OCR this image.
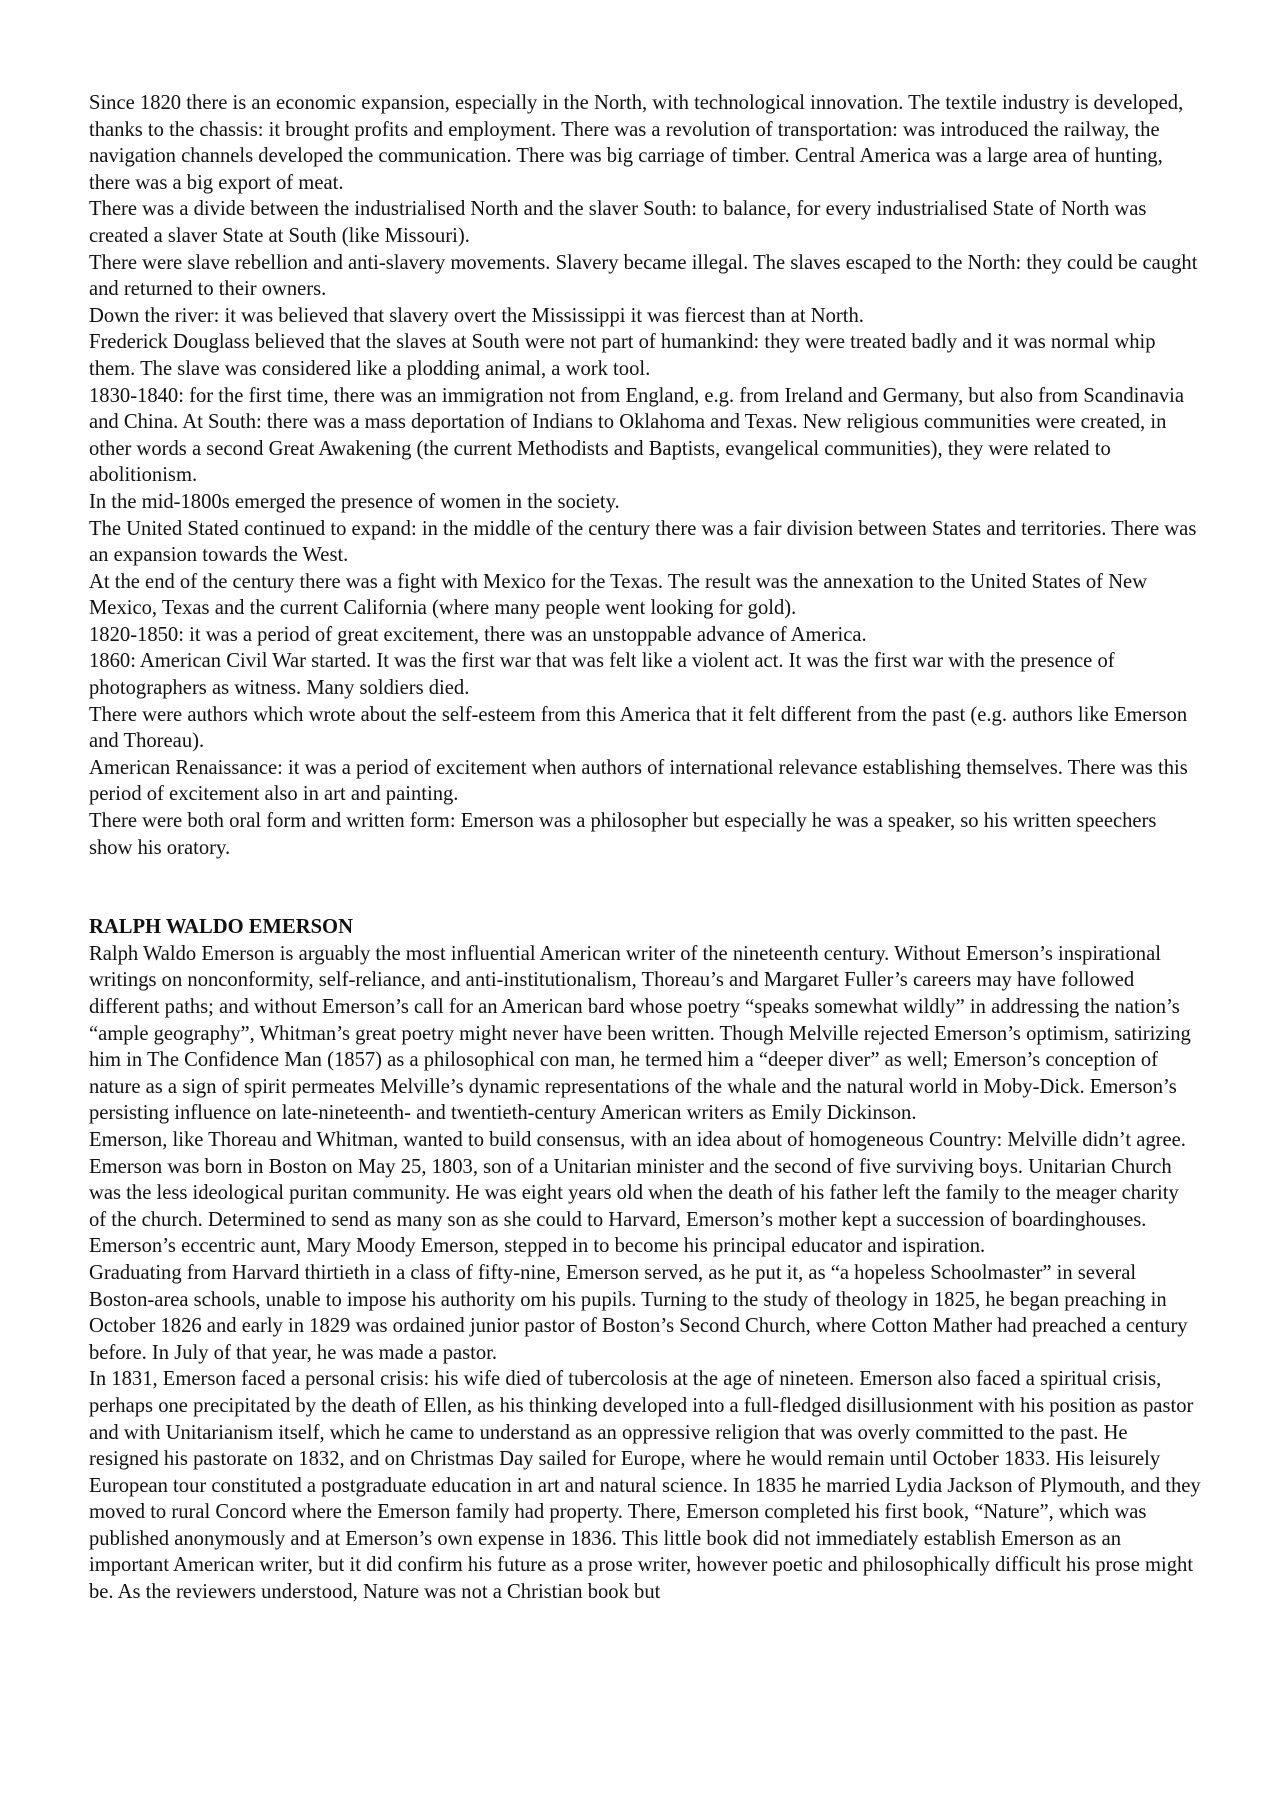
Since 1820 there is an economic expansion, especially in the North, with technological innovation. The textile industry is developed, thanks to the chassis: it brought profits and employment. There was a revolution of transportation: was introduced the railway, the navigation channels developed the communication. There was big carriage of timber. Central America was a large area of hunting, there was a big export of meat.

There was a divide between the industrialised North and the slaver South: to balance, for every industrialised State of North was created a slaver State at South (like Missouri).

There were slave rebellion and anti-slavery movements. Slavery became illegal. The slaves escaped to the North: they could be caught and returned to their owners.

Down the river: it was believed that slavery overt the Mississippi it was fiercest than at North.

Frederick Douglass believed that the slaves at South were not part of humankind: they were treated badly and it was normal whip them. The slave was considered like a plodding animal, a work tool.

1830-1840: for the first time, there was an immigration not from England, e.g. from Ireland and Germany, but also from Scandinavia and China. At South: there was a mass deportation of Indians to Oklahoma and Texas. New religious communities were created, in other words a second Great Awakening (the current Methodists and Baptists, evangelical communities), they were related to abolitionism.

In the mid-1800s emerged the presence of women in the society.

The United Stated continued to expand: in the middle of the century there was a fair division between States and territories. There was an expansion towards the West.

At the end of the century there was a fight with Mexico for the Texas. The result was the annexation to the United States of New Mexico, Texas and the current California (where many people went looking for gold).

1820-1850: it was a period of great excitement, there was an unstoppable advance of America.

1860: American Civil War started. It was the first war that was felt like a violent act. It was the first war with the presence of photographers as witness. Many soldiers died.

There were authors which wrote about the self-esteem from this America that it felt different from the past (e.g. authors like Emerson and Thoreau).

American Renaissance: it was a period of excitement when authors of international relevance establishing themselves. There was this period of excitement also in art and painting.

There were both oral form and written form: Emerson was a philosopher but especially he was a speaker, so his written speechers show his oratory.

RALPH WALDO EMERSON

Ralph Waldo Emerson is arguably the most influential American writer of the nineteenth century. Without Emerson’s inspirational writings on nonconformity, self-reliance, and anti-institutionalism, Thoreau’s and Margaret Fuller’s careers may have followed different paths; and without Emerson’s call for an American bard whose poetry “speaks somewhat wildly” in addressing the nation’s “ample geography”, Whitman’s great poetry might never have been written. Though Melville rejected Emerson’s optimism, satirizing him in The Confidence Man (1857) as a philosophical con man, he termed him a “deeper diver” as well; Emerson’s conception of nature as a sign of spirit permeates Melville’s dynamic representations of the whale and the natural world in Moby-Dick. Emerson’s persisting influence on late-nineteenth- and twentieth-century American writers as Emily Dickinson.

Emerson, like Thoreau and Whitman, wanted to build consensus, with an idea about of homogeneous Country: Melville didn’t agree.

Emerson was born in Boston on May 25, 1803, son of a Unitarian minister and the second of five surviving boys. Unitarian Church was the less ideological puritan community. He was eight years old when the death of his father left the family to the meager charity of the church. Determined to send as many son as she could to Harvard, Emerson’s mother kept a succession of boardinghouses. Emerson’s eccentric aunt, Mary Moody Emerson, stepped in to become his principal educator and ispiration.

Graduating from Harvard thirtieth in a class of fifty-nine, Emerson served, as he put it, as “a hopeless Schoolmaster” in several Boston-area schools, unable to impose his authority om his pupils. Turning to the study of theology in 1825, he began preaching in October 1826 and early in 1829 was ordained junior pastor of Boston’s Second Church, where Cotton Mather had preached a century before. In July of that year, he was made a pastor.

In 1831, Emerson faced a personal crisis: his wife died of tubercolosis at the age of nineteen. Emerson also faced a spiritual crisis, perhaps one precipitated by the death of Ellen, as his thinking developed into a full-fledged disillusionment with his position as pastor and with Unitarianism itself, which he came to understand as an oppressive religion that was overly committed to the past. He resigned his pastorate on 1832, and on Christmas Day sailed for Europe, where he would remain until October 1833. His leisurely European tour constituted a postgraduate education in art and natural science. In 1835 he married Lydia Jackson of Plymouth, and they moved to rural Concord where the Emerson family had property. There, Emerson completed his first book, “Nature”, which was published anonymously and at Emerson’s own expense in 1836. This little book did not immediately establish Emerson as an important American writer, but it did confirm his future as a prose writer, however poetic and philosophically difficult his prose might be. As the reviewers understood, Nature was not a Christian book but
